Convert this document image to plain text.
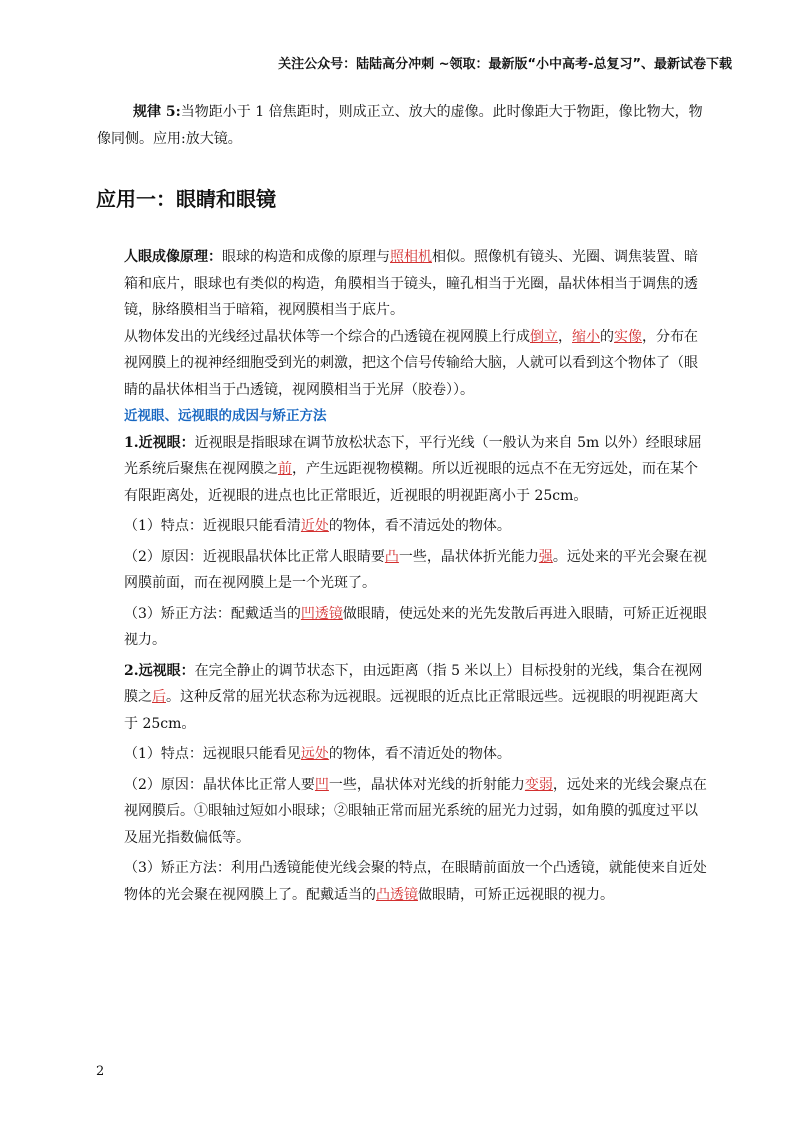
关注公众号：陆陆高分冲刺 ~领取：最新版“小中高考-总复习”、最新试卷下载
规律 5:当物距小于 1 倍焦距时，则成正立、放大的虚像。此时像距大于物距，像比物大，物
像同侧。应用:放大镜。
应用一：眼睛和眼镜

人眼成像原理：眼球的构造和成像的原理与照相机相似。照像机有镜头、光圈、调焦装置、暗箱和底片，眼球也有类似的构造，角膜相当于镜头，瞳孔相当于光圈，晶状体相当于调焦的透镜，脉络膜相当于暗箱，视网膜相当于底片。

从物体发出的光线经过晶状体等一个综合的凸透镜在视网膜上行成倒立，缩小的实像，分布在视网膜上的视神经细胞受到光的刺激，把这个信号传输给大脑，人就可以看到这个物体了（眼睛的晶状体相当于凸透镜，视网膜相当于光屏（胶卷））。

近视眼、远视眼的成因与矫正方法

1.近视眼：近视眼是指眼球在调节放松状态下，平行光线（一般认为来自 5m 以外）经眼球屈光系统后聚焦在视网膜之前，产生远距视物模糊。所以近视眼的远点不在无穷远处，而在某个有限距离处，近视眼的进点也比正常眼近，近视眼的明视距离小于 25cm。

（1）特点：近视眼只能看清近处的物体，看不清远处的物体。

（2）原因：近视眼晶状体比正常人眼睛要凸一些，晶状体折光能力强。远处来的平光会聚在视网膜前面，而在视网膜上是一个光斑了。

（3）矫正方法：配戴适当的凹透镜做眼睛，使远处来的光先发散后再进入眼睛，可矫正近视眼视力。

2.远视眼：在完全静止的调节状态下，由远距离（指 5 米以上）目标投射的光线，集合在视网膜之后。这种反常的屈光状态称为远视眼。远视眼的近点比正常眼远些。远视眼的明视距离大于 25cm。

（1）特点：远视眼只能看见远处的物体，看不清近处的物体。

（2）原因：晶状体比正常人要凹一些，晶状体对光线的折射能力变弱，远处来的光线会聚点在视网膜后。①眼轴过短如小眼球；②眼轴正常而屈光系统的屈光力过弱，如角膜的弧度过平以及屈光指数偏低等。

（3）矫正方法：利用凸透镜能使光线会聚的特点，在眼睛前面放一个凸透镜，就能使来自近处物体的光会聚在视网膜上了。配戴适当的凸透镜做眼睛，可矫正远视眼的视力。

2
